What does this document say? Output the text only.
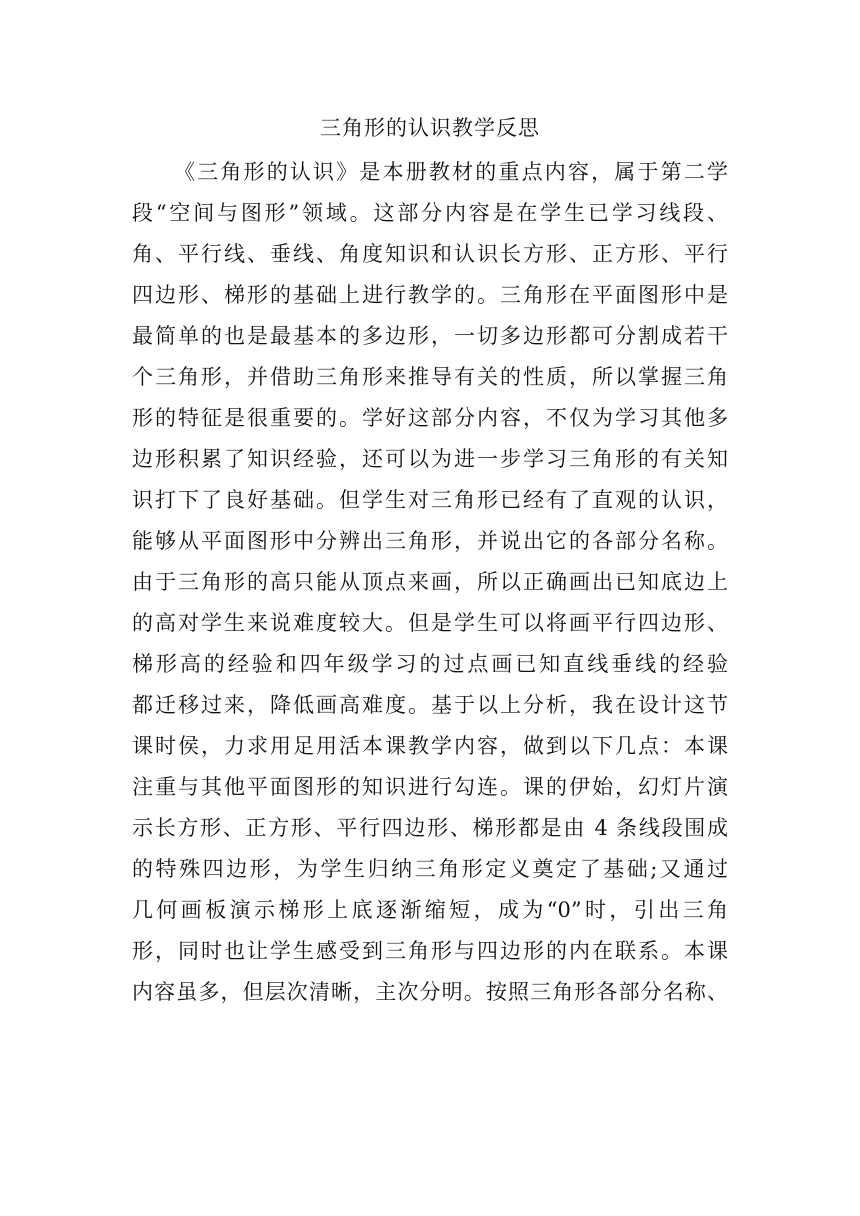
三角形的认识教学反思
《三角形的认识》是本册教材的重点内容，属于第二学
段“空间与图形”领域。这部分内容是在学生已学习线段、
角、平行线、垂线、角度知识和认识长方形、正方形、平行
四边形、梯形的基础上进行教学的。三角形在平面图形中是
最简单的也是最基本的多边形，一切多边形都可分割成若干
个三角形，并借助三角形来推导有关的性质，所以掌握三角
形的特征是很重要的。学好这部分内容，不仅为学习其他多
边形积累了知识经验，还可以为进一步学习三角形的有关知
识打下了良好基础。但学生对三角形已经有了直观的认识，
能够从平面图形中分辨出三角形，并说出它的各部分名称。
由于三角形的高只能从顶点来画，所以正确画出已知底边上
的高对学生来说难度较大。但是学生可以将画平行四边形、
梯形高的经验和四年级学习的过点画已知直线垂线的经验
都迁移过来，降低画高难度。基于以上分析，我在设计这节
课时侯，力求用足用活本课教学内容，做到以下几点：本课
注重与其他平面图形的知识进行勾连。课的伊始，幻灯片演
示长方形、正方形、平行四边形、梯形都是由 4 条线段围成
的特殊四边形，为学生归纳三角形定义奠定了基础;又通过
几何画板演示梯形上底逐渐缩短，成为“0”时，引出三角
形，同时也让学生感受到三角形与四边形的内在联系。本课
内容虽多，但层次清晰，主次分明。按照三角形各部分名称、
